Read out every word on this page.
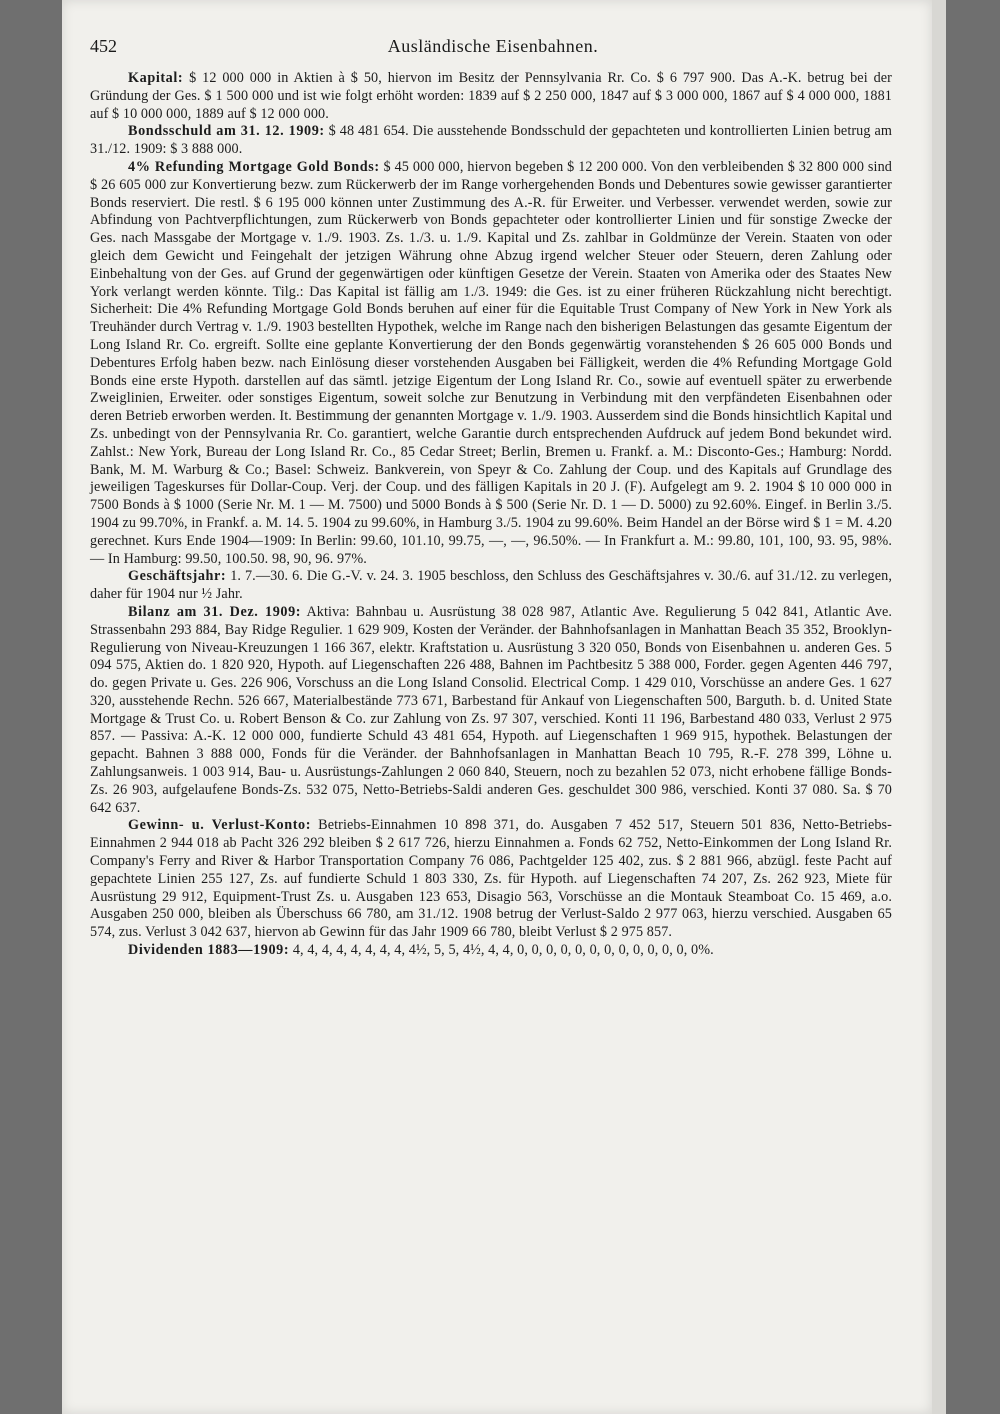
452	Ausländische Eisenbahnen.

Kapital: $ 12 000 000 in Aktien à $ 50, hiervon im Besitz der Pennsylvania Rr. Co. $ 6 797 900. Das A.-K. betrug bei der Gründung der Ges. $ 1 500 000 und ist wie folgt erhöht worden: 1839 auf $ 2 250 000, 1847 auf $ 3 000 000, 1867 auf $ 4 000 000, 1881 auf $ 10 000 000, 1889 auf $ 12 000 000.

Bondsschuld am 31. 12. 1909: $ 48 481 654. Die ausstehende Bondsschuld der gepachteten und kontrollierten Linien betrug am 31./12. 1909: $ 3 888 000.

4% Refunding Mortgage Gold Bonds: $ 45 000 000, hiervon begeben $ 12 200 000. Von den verbleibenden $ 32 800 000 sind $ 26 605 000 zur Konvertierung bezw. zum Rückerwerb der im Range vorhergehenden Bonds und Debentures sowie gewisser garantierter Bonds reserviert. Die restl. $ 6 195 000 können unter Zustimmung des A.-R. für Erweiter. und Verbesser. verwendet werden, sowie zur Abfindung von Pachtverpflichtungen, zum Rückerwerb von Bonds gepachteter oder kontrollierter Linien und für sonstige Zwecke der Ges. nach Massgabe der Mortgage v. 1./9. 1903. Zs. 1./3. u. 1./9. Kapital und Zs. zahlbar in Goldmünze der Verein. Staaten von oder gleich dem Gewicht und Feingehalt der jetzigen Währung ohne Abzug irgend welcher Steuer oder Steuern, deren Zahlung oder Einbehaltung von der Ges. auf Grund der gegenwärtigen oder künftigen Gesetze der Verein. Staaten von Amerika oder des Staates New York verlangt werden könnte. Tilg.: Das Kapital ist fällig am 1./3. 1949: die Ges. ist zu einer früheren Rückzahlung nicht berechtigt. Sicherheit: Die 4% Refunding Mortgage Gold Bonds beruhen auf einer für die Equitable Trust Company of New York in New York als Treuhänder durch Vertrag v. 1./9. 1903 bestellten Hypothek, welche im Range nach den bisherigen Belastungen das gesamte Eigentum der Long Island Rr. Co. ergreift. Sollte eine geplante Konvertierung der den Bonds gegenwärtig voranstehenden $ 26 605 000 Bonds und Debentures Erfolg haben bezw. nach Einlösung dieser vorstehenden Ausgaben bei Fälligkeit, werden die 4% Refunding Mortgage Gold Bonds eine erste Hypoth. darstellen auf das sämtl. jetzige Eigentum der Long Island Rr. Co., sowie auf eventuell später zu erwerbende Zweiglinien, Erweiter. oder sonstiges Eigentum, soweit solche zur Benutzung in Verbindung mit den verpfändeten Eisenbahnen oder deren Betrieb erworben werden. It. Bestimmung der genannten Mortgage v. 1./9. 1903. Ausserdem sind die Bonds hinsichtlich Kapital und Zs. unbedingt von der Pennsylvania Rr. Co. garantiert, welche Garantie durch entsprechenden Aufdruck auf jedem Bond bekundet wird. Zahlst.: New York, Bureau der Long Island Rr. Co., 85 Cedar Street; Berlin, Bremen u. Frankf. a. M.: Disconto-Ges.; Hamburg: Nordd. Bank, M. M. Warburg & Co.; Basel: Schweiz. Bankverein, von Speyr & Co. Zahlung der Coup. und des Kapitals auf Grundlage des jeweiligen Tageskurses für Dollar-Coup. Verj. der Coup. und des fälligen Kapitals in 20 J. (F). Aufgelegt am 9. 2. 1904 $ 10 000 000 in 7500 Bonds à $ 1000 (Serie Nr. M. 1 — M. 7500) und 5000 Bonds à $ 500 (Serie Nr. D. 1 — D. 5000) zu 92.60%. Eingef. in Berlin 3./5. 1904 zu 99.70%, in Frankf. a. M. 14. 5. 1904 zu 99.60%, in Hamburg 3./5. 1904 zu 99.60%. Beim Handel an der Börse wird $ 1 = M. 4.20 gerechnet. Kurs Ende 1904—1909: In Berlin: 99.60, 101.10, 99.75, —, —, 96.50%. — In Frankfurt a. M.: 99.80, 101, 100, 93. 95, 98%. — In Hamburg: 99.50, 100.50. 98, 90, 96. 97%.

Geschäftsjahr: 1. 7.—30. 6. Die G.-V. v. 24. 3. 1905 beschloss, den Schluss des Geschäftsjahres v. 30./6. auf 31./12. zu verlegen, daher für 1904 nur ½ Jahr.

Bilanz am 31. Dez. 1909: Aktiva: Bahnbau u. Ausrüstung 38 028 987, Atlantic Ave. Regulierung 5 042 841, Atlantic Ave. Strassenbahn 293 884, Bay Ridge Regulier. 1 629 909, Kosten der Veränder. der Bahnhofsanlagen in Manhattan Beach 35 352, Brooklyn-Regulierung von Niveau-Kreuzungen 1 166 367, elektr. Kraftstation u. Ausrüstung 3 320 050, Bonds von Eisenbahnen u. anderen Ges. 5 094 575, Aktien do. 1 820 920, Hypoth. auf Liegenschaften 226 488, Bahnen im Pachtbesitz 5 388 000, Forder. gegen Agenten 446 797, do. gegen Private u. Ges. 226 906, Vorschuss an die Long Island Consolid. Electrical Comp. 1 429 010, Vorschüsse an andere Ges. 1 627 320, ausstehende Rechn. 526 667, Materialbestände 773 671, Barbestand für Ankauf von Liegenschaften 500, Barguth. b. d. United State Mortgage & Trust Co. u. Robert Benson & Co. zur Zahlung von Zs. 97 307, verschied. Konti 11 196, Barbestand 480 033, Verlust 2 975 857. — Passiva: A.-K. 12 000 000, fundierte Schuld 43 481 654, Hypoth. auf Liegenschaften 1 969 915, hypothek. Belastungen der gepacht. Bahnen 3 888 000, Fonds für die Veränder. der Bahnhofsanlagen in Manhattan Beach 10 795, R.-F. 278 399, Löhne u. Zahlungsanweis. 1 003 914, Bau- u. Ausrüstungs-Zahlungen 2 060 840, Steuern, noch zu bezahlen 52 073, nicht erhobene fällige Bonds-Zs. 26 903, aufgelaufene Bonds-Zs. 532 075, Netto-Betriebs-Saldi anderen Ges. geschuldet 300 986, verschied. Konti 37 080. Sa. $ 70 642 637.

Gewinn- u. Verlust-Konto: Betriebs-Einnahmen 10 898 371, do. Ausgaben 7 452 517, Steuern 501 836, Netto-Betriebs-Einnahmen 2 944 018 ab Pacht 326 292 bleiben $ 2 617 726, hierzu Einnahmen a. Fonds 62 752, Netto-Einkommen der Long Island Rr. Company's Ferry and River & Harbor Transportation Company 76 086, Pachtgelder 125 402, zus. $ 2 881 966, abzügl. feste Pacht auf gepachtete Linien 255 127, Zs. auf fundierte Schuld 1 803 330, Zs. für Hypoth. auf Liegenschaften 74 207, Zs. 262 923, Miete für Ausrüstung 29 912, Equipment-Trust Zs. u. Ausgaben 123 653, Disagio 563, Vorschüsse an die Montauk Steamboat Co. 15 469, a.o. Ausgaben 250 000, bleiben als Überschuss 66 780, am 31./12. 1908 betrug der Verlust-Saldo 2 977 063, hierzu verschied. Ausgaben 65 574, zus. Verlust 3 042 637, hiervon ab Gewinn für das Jahr 1909 66 780, bleibt Verlust $ 2 975 857.

Dividenden 1883—1909: 4, 4, 4, 4, 4, 4, 4, 4, 4½, 5, 5, 4½, 4, 4, 0, 0, 0, 0, 0, 0, 0, 0, 0, 0, 0, 0, 0%.
